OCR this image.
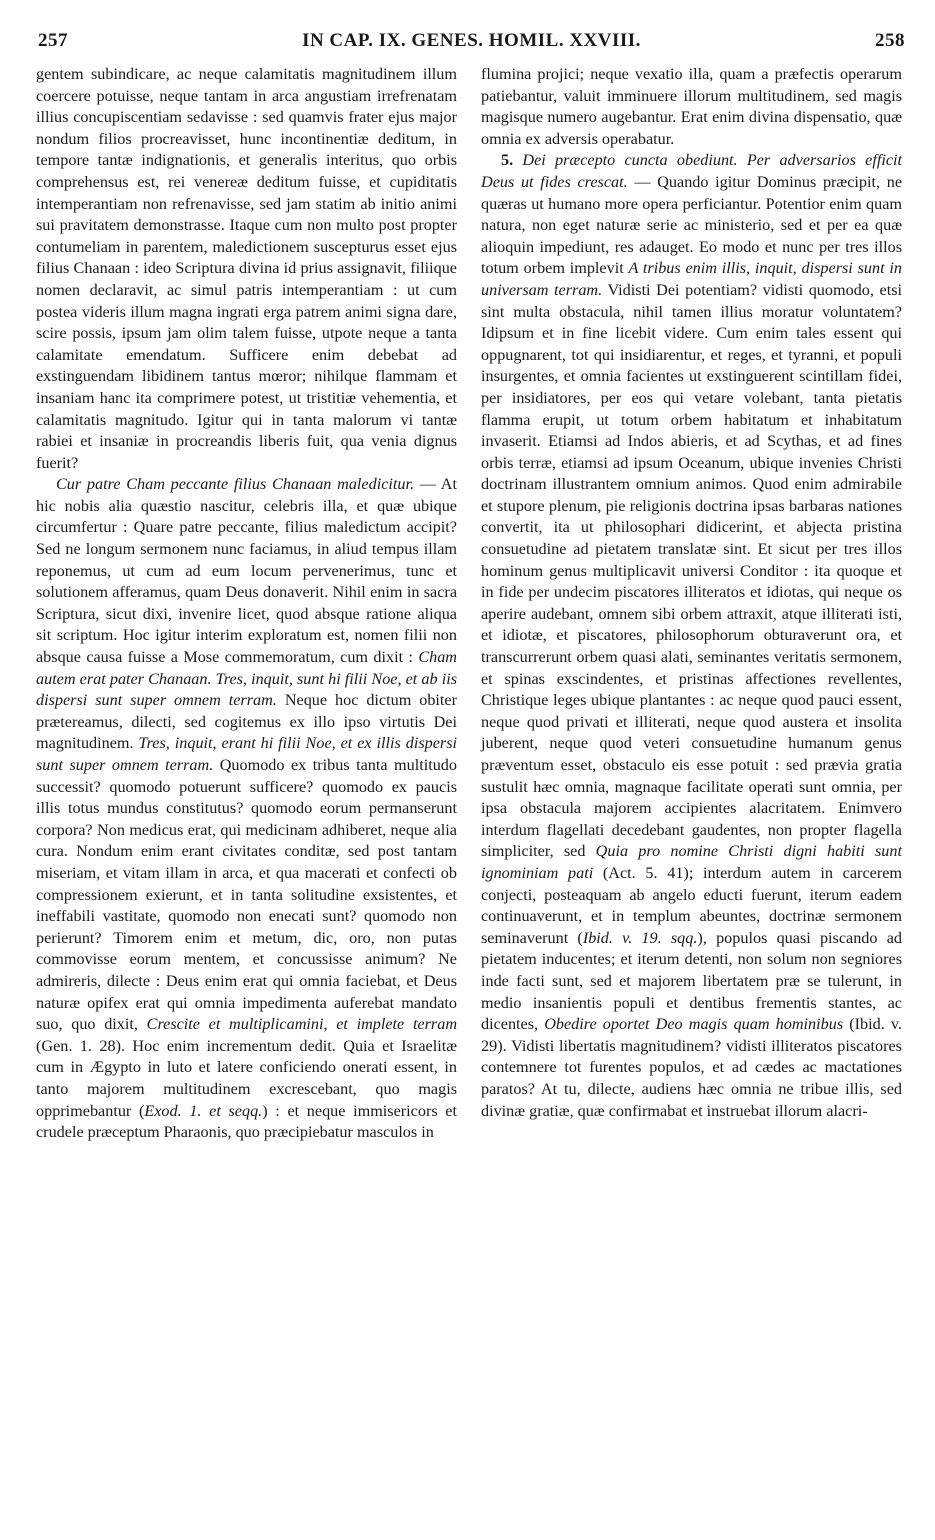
257	IN CAP. IX. GENES. HOMIL. XXVIII.	258

gentem subindicare, ac neque calamitatis magnitudinem illum coercere potuisse, neque tantam in arca angustiam irrefrenatam illius concupiscentiam sedavisse : sed quamvis frater ejus major nondum filios procreavisset, hunc incontinentiæ deditum, in tempore tantæ indignationis, et generalis interitus, quo orbis comprehensus est, rei venereæ deditum fuisse, et cupiditatis intemperantiam non refrenavisse, sed jam statim ab initio animi sui pravitatem demonstrasse. Itaque cum non multo post propter contumeliam in parentem, maledictionem suscepturus esset ejus filius Chanaan : ideo Scriptura divina id prius assignavit, filiique nomen declaravit, ac simul patris intemperantiam : ut cum postea videris illum magna ingrati erga patrem animi signa dare, scire possis, ipsum jam olim talem fuisse, utpote neque a tanta calamitate emendatum. Sufficere enim debebat ad exstinguendam libidinem tantus mœror; nihilque flammam et insaniam hanc ita comprimere potest, ut tristitiæ vehementia, et calamitatis magnitudo. Igitur qui in tanta malorum vi tantæ rabiei et insaniæ in procreandis liberis fuit, qua venia dignus fuerit?

Cur patre Cham peccante filius Chanaan maledicitur. — At hic nobis alia quæstio nascitur, celebris illa, et quæ ubique circumfertur : Quare patre peccante, filius maledictum accipit? Sed ne longum sermonem nunc faciamus, in aliud tempus illam reponemus, ut cum ad eum locum pervenerimus, tunc et solutionem afferamus, quam Deus donaverit. Nihil enim in sacra Scriptura, sicut dixi, invenire licet, quod absque ratione aliqua sit scriptum. Hoc igitur interim exploratum est, nomen filii non absque causa fuisse a Mose commemoratum, cum dixit : Cham autem erat pater Chanaan. Tres, inquit, sunt hi filii Noe, et ab iis dispersi sunt super omnem terram. Neque hoc dictum obiter prætereamus, dilecti, sed cogitemus ex illo ipso virtutis Dei magnitudinem. Tres, inquit, erant hi filii Noe, et ex illis dispersi sunt super omnem terram. Quomodo ex tribus tanta multitudo successit? quomodo potuerunt sufficere? quomodo ex paucis illis totus mundus constitutus? quomodo eorum permanserunt corpora? Non medicus erat, qui medicinam adhiberet, neque alia cura. Nondum enim erant civitates conditæ, sed post tantam miseriam, et vitam illam in arca, et qua macerati et confecti ob compressionem exierunt, et in tanta solitudine exsistentes, et ineffabili vastitate, quomodo non enecati sunt? quomodo non perierunt? Timorem enim et metum, dic, oro, non putas commovisse eorum mentem, et concussisse animum? Ne admireris, dilecte : Deus enim erat qui omnia faciebat, et Deus naturæ opifex erat qui omnia impedimenta auferebat mandato suo, quo dixit, Crescite et multiplicamini, et implete terram (Gen. 1. 28). Hoc enim incrementum dedit. Quia et Israelitæ cum in Ægypto in luto et latere conficiendo onerati essent, in tanto majorem multitudinem excrescebant, quo magis opprimebantur (Exod. 1. et seqq.) : et neque immisericors et crudele præceptum Pharaonis, quo præcipiebatur masculos in

flumina projici; neque vexatio illa, quam a præfectis operarum patiebantur, valuit imminuere illorum multitudinem, sed magis magisque numero augebantur. Erat enim divina dispensatio, quæ omnia ex adversis operabatur.

5. Dei præcepto cuncta obediunt. Per adversarios efficit Deus ut fides crescat. — Quando igitur Dominus præcipit, ne quæras ut humano more opera perficiantur. Potentior enim quam natura, non eget naturæ serie ac ministerio, sed et per ea quæ alioquin impediunt, res adauget. Eo modo et nunc per tres illos totum orbem implevit A tribus enim illis, inquit, dispersi sunt in universam terram. Vidisti Dei potentiam? vidisti quomodo, etsi sint multa obstacula, nihil tamen illius moratur voluntatem? Idipsum et in fine licebit videre. Cum enim tales essent qui oppugnarent, tot qui insidiarentur, et reges, et tyranni, et populi insurgentes, et omnia facientes ut exstinguerent scintillam fidei, per insidiatores, per eos qui vetare volebant, tanta pietatis flamma erupit, ut totum orbem habitatum et inhabitatum invaserit. Etiamsi ad Indos abieris, et ad Scythas, et ad fines orbis terræ, etiamsi ad ipsum Oceanum, ubique invenies Christi doctrinam illustrantem omnium animos. Quod enim admirabile et stupore plenum, pie religionis doctrina ipsas barbaras nationes convertit, ita ut philosophari didicerint, et abjecta pristina consuetudine ad pietatem translatæ sint. Et sicut per tres illos hominum genus multiplicavit universi Conditor : ita quoque et in fide per undecim piscatores illiteratos et idiotas, qui neque os aperire audebant, omnem sibi orbem attraxit, atque illiterati isti, et idiotæ, et piscatores, philosophorum obturaverunt ora, et transcurrerunt orbem quasi alati, seminantes veritatis sermonem, et spinas exscindentes, et pristinas affectiones revellentes, Christique leges ubique plantantes : ac neque quod pauci essent, neque quod privati et illiterati, neque quod austera et insolita juberent, neque quod veteri consuetudine humanum genus præventum esset, obstaculo eis esse potuit : sed prævia gratia sustulit hæc omnia, magnaque facilitate operati sunt omnia, per ipsa obstacula majorem accipientes alacritatem. Enimvero interdum flagellati decedebant gaudentes, non propter flagella simpliciter, sed Quia pro nomine Christi digni habiti sunt ignominiam pati (Act. 5. 41); interdum autem in carcerem conjecti, posteaquam ab angelo educti fuerunt, iterum eadem continuaverunt, et in templum abeuntes, doctrinæ sermonem seminaverunt (Ibid. v. 19. sqq.), populos quasi piscando ad pietatem inducentes; et iterum detenti, non solum non segniores inde facti sunt, sed et majorem libertatem præ se tulerunt, in medio insanientis populi et dentibus frementis stantes, ac dicentes, Obedire oportet Deo magis quam hominibus (Ibid. v. 29). Vidisti libertatis magnitudinem? vidisti illiteratos piscatores contemnere tot furentes populos, et ad cædes ac mactationes paratos? At tu, dilecte, audiens hæc omnia ne tribue illis, sed divinæ gratiæ, quæ confirmabat et instruebat illorum alacri-
